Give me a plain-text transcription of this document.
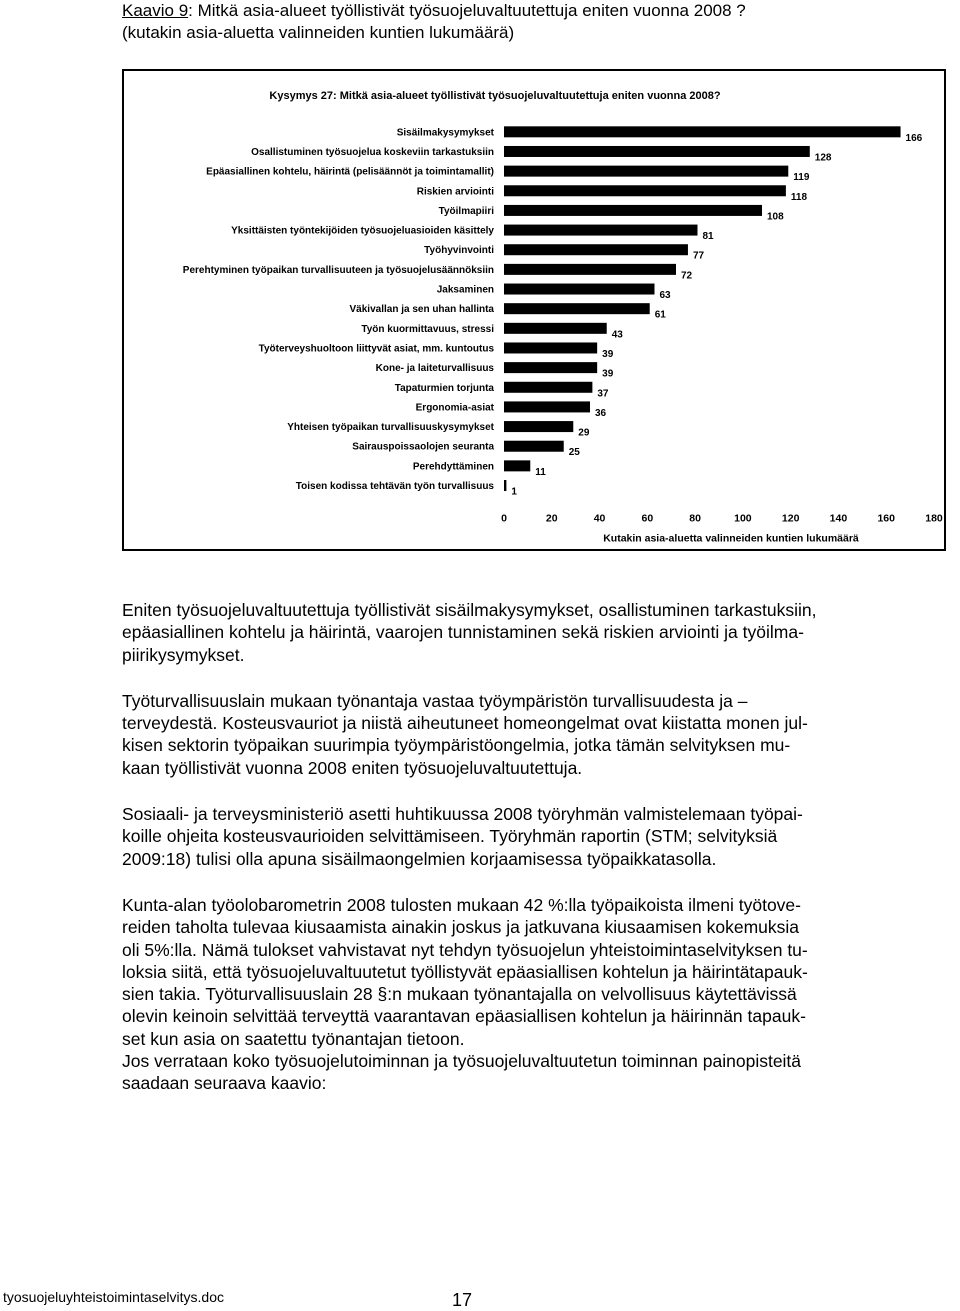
Kaavio 9: Mitkä asia-alueet työllistivät työsuojeluvaltuutettuja eniten vuonna 2008 ?
(kutakin asia-aluetta valinneiden kuntien lukumäärä)
Kysymys 27: Mitkä asia-alueet työllistivät työsuojeluvaltuutettuja eniten vuonna 2008?
0	20	40	60	80	100	120	140	160	180
Kutakin asia-aluetta valinneiden kuntien lukumäärä
Sisäilmakysymykset	166
Osallistuminen työsuojelua koskeviin tarkastuksiin	128
Epäasiallinen kohtelu, häirintä (pelisäännöt ja toimintamallit)	119
Riskien arviointi	118
Työilmapiiri	108
Yksittäisten työntekijöiden työsuojeluasioiden käsittely	81
Työhyvinvointi	77
Perehtyminen työpaikan turvallisuuteen ja työsuojelusäännöksiin	72
Jaksaminen	63
Väkivallan ja sen uhan hallinta	61
Työn kuormittavuus, stressi	43
Työterveyshuoltoon liittyvät asiat, mm. kuntoutus	39
Kone- ja laiteturvallisuus	39
Tapaturmien torjunta	37
Ergonomia-asiat	36
Yhteisen työpaikan turvallisuuskysymykset	29
Sairauspoissaolojen seuranta	25
Perehdyttäminen	11
Toisen kodissa tehtävän työn turvallisuus 1

Eniten työsuojeluvaltuutettuja työllistivät sisäilmakysymykset, osallistuminen tarkastuksiin,
epäasiallinen kohtelu ja häirintä, vaarojen tunnistaminen sekä riskien arviointi ja työilma-
piirikysymykset.

Työturvallisuuslain mukaan työnantaja vastaa työympäristön turvallisuudesta ja –
terveydestä. Kosteusvauriot ja niistä aiheutuneet homeongelmat ovat kiistatta monen jul-
kisen sektorin työpaikan suurimpia työympäristöongelmia, jotka tämän selvityksen mu-
kaan työllistivät vuonna 2008 eniten työsuojeluvaltuutettuja.

Sosiaali- ja terveysministeriö asetti huhtikuussa 2008 työryhmän valmistelemaan työpai-
koille ohjeita kosteusvaurioiden selvittämiseen. Työryhmän raportin (STM; selvityksiä
2009:18) tulisi olla apuna sisäilmaongelmien korjaamisessa työpaikkatasolla.

Kunta-alan työolobarometrin 2008 tulosten mukaan 42 %:lla työpaikoista ilmeni työtove-
reiden taholta tulevaa kiusaamista ainakin joskus ja jatkuvana kiusaamisen kokemuksia
oli 5%:lla. Nämä tulokset vahvistavat nyt tehdyn työsuojelun yhteistoimintaselvityksen tu-
loksia siitä, että työsuojeluvaltuutetut työllistyvät epäasiallisen kohtelun ja häirintätapauk-
sien takia. Työturvallisuuslain 28 §:n mukaan työnantajalla on velvollisuus käytettävissä
olevin keinoin selvittää terveyttä vaarantavan epäasiallisen kohtelun ja häirinnän tapauk-
set kun asia on saatettu työnantajan tietoon.
Jos verrataan koko työsuojelutoiminnan ja työsuojeluvaltuutetun toiminnan painopisteitä
saadaan seuraava kaavio:

tyosuojeluyhteistoimintaselvitys.doc	17
